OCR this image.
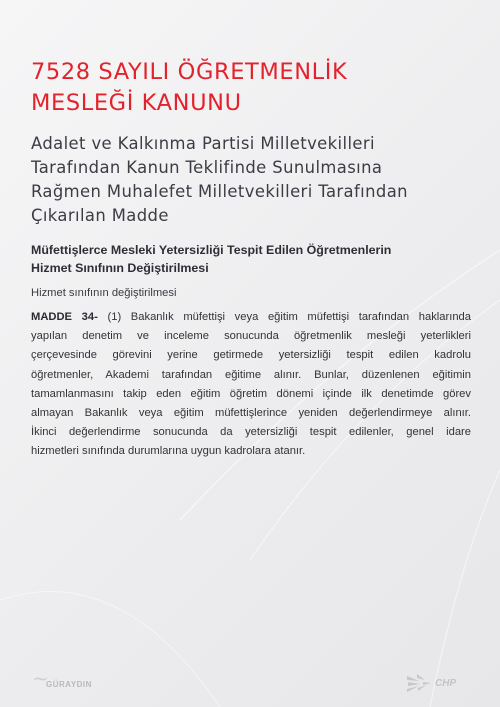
7528 SAYILI ÖĞRETMENLİK
MESLEĞİ KANUNU
Adalet ve Kalkınma Partisi Milletvekilleri
Tarafından Kanun Teklifinde Sunulmasına
Rağmen Muhalefet Milletvekilleri Tarafından
Çıkarılan Madde
Müfettişlerce Mesleki Yetersizliği Tespit Edilen Öğretmenlerin
Hizmet Sınıfının Değiştirilmesi

Hizmet sınıfının değiştirilmesi

MADDE 34- (1) Bakanlık müfettişi veya eğitim müfettişi tarafından haklarında
yapılan denetim ve inceleme sonucunda öğretmenlik mesleği yeterlikleri
çerçevesinde görevini yerine getirmede yetersizliği tespit edilen kadrolu
öğretmenler, Akademi tarafından eğitime alınır. Bunlar, düzenlenen eğitimin
tamamlanmasını takip eden eğitim öğretim dönemi içinde ilk denetimde görev
almayan Bakanlık veya eğitim müfettişlerince yeniden değerlendirmeye alınır.
İkinci değerlendirme sonucunda da yetersizliği tespit edilenler, genel idare
hizmetleri sınıfında durumlarına uygun kadrolara atanır.
~
GÜRAYDIN	CHP
